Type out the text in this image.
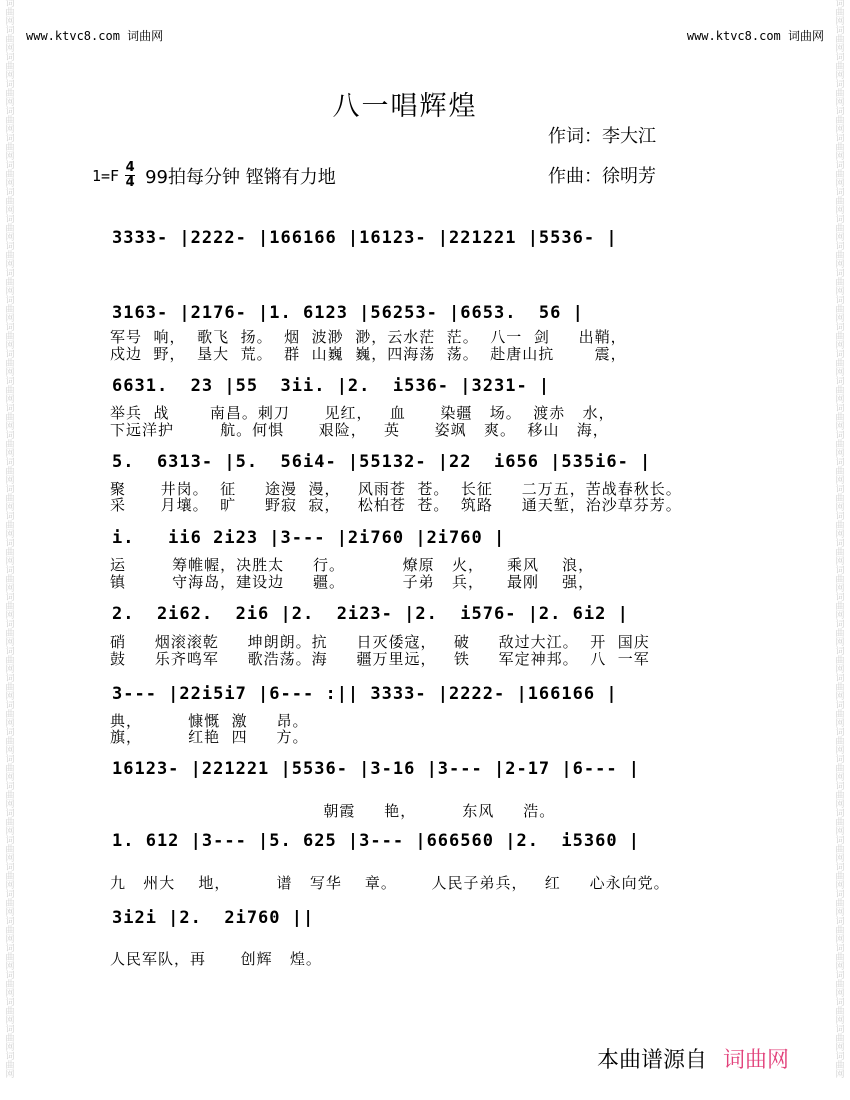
词曲网 词曲网 词曲网 词曲网 词曲网 词曲网 词曲网 词曲网 词曲网 词曲网 词曲网 词曲网 词曲网 词曲网 词曲网 词曲网 词曲网 词曲网 词曲网 词曲网 词曲网 词曲网 词曲网 词曲网 词曲网 词曲网 词曲网 词曲网 词曲网 词曲网 词曲网 词曲网 词曲网 词曲网 词曲网 词曲网 词曲网 词曲网 词曲网 词曲网
词曲网 词曲网 词曲网 词曲网 词曲网 词曲网 词曲网 词曲网 词曲网 词曲网 词曲网 词曲网 词曲网 词曲网 词曲网 词曲网 词曲网 词曲网 词曲网 词曲网 词曲网 词曲网 词曲网 词曲网 词曲网 词曲网 词曲网 词曲网 词曲网 词曲网 词曲网 词曲网 词曲网 词曲网 词曲网 词曲网 词曲网 词曲网 词曲网 词曲网
www.ktvc8.com 词曲网	www.ktvc8.com 词曲网
八一唱辉煌
作词：李大江
作曲：徐明芳
$1=F \frac{4}{4} 99$拍每分钟 铿锵有力地
3333- |2222- |166166 |16123- |221221 |5536- |
3163- |2176- |1. 6123 |56253- |6653.  56 |
军号  响，  歌飞  扬。  烟  波渺  渺，云水茫  茫。  八一  剑     出鞘，
戍边  野，  垦大  荒。  群  山巍  巍，四海荡  荡。  赴唐山抗       震，
6631.  23 |55  3ii. |2.  i536- |3231- |
举兵  战       南昌。刺刀      见红，   血      染疆   场。  渡赤   水，
下远洋护        航。何惧      艰险，   英      姿飒   爽。  移山   海，
5.  6313- |5.  56i4- |55132- |22  i656 |535i6- |
聚      井岗。  征     途漫  漫，   风雨苍  苍。  长征     二万五，苦战春秋长。
采      月壤。  旷     野寂  寂，   松柏苍  苍。  筑路     通天堑，治沙草芬芳。
i.   ii6 2i23 |3--- |2i760 |2i760 |
运        筹帷幄，决胜太     行。          燎原   火，    乘风    浪，
镇        守海岛，建设边     疆。          子弟   兵，    最刚    强，
2.  2i62.  2i6 |2.  2i23- |2.  i576- |2. 6i2 |
硝     烟滚滚乾     坤朗朗。抗     日灭倭寇，   破     敌过大江。  开  国庆
鼓     乐齐鸣军     歌浩荡。海     疆万里远，   铁     军定神邦。  八  一军
3--- |22i5i7 |6--- :|| 3333- |2222- |166166 |
典，        慷慨  激     昂。
旗，        红艳  四     方。
16123- |221221 |5536- |3-16 |3--- |2-17 |6--- |
朝霞     艳，        东风     浩。
1. 612 |3--- |5. 625 |3--- |666560 |2.  i5360 |
九   州大    地，        谱   写华    章。      人民子弟兵，   红     心永向党。
3i2i |2.  2i760 ||
人民军队，再      创辉   煌。
本曲谱源自 词曲网
